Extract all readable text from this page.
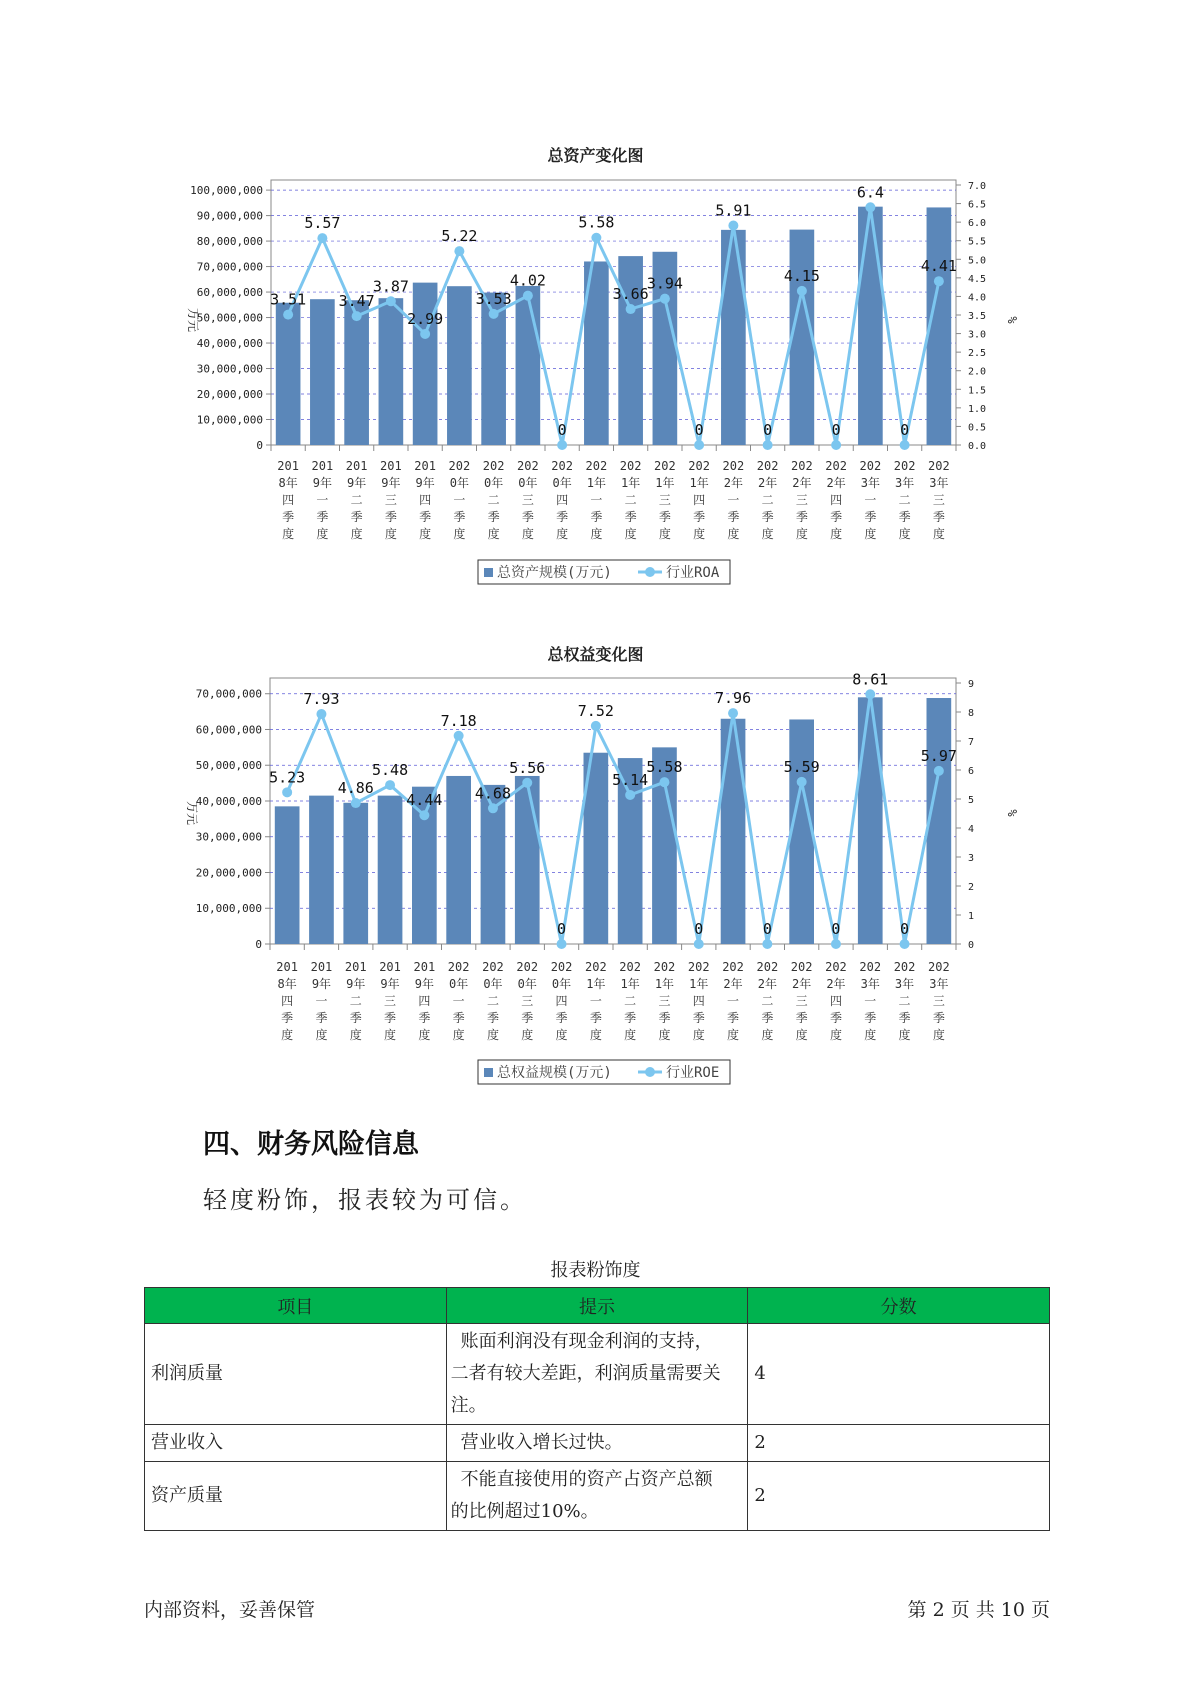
总资产变化图
0
10,000,000
20,000,000
30,000,000
40,000,000
50,000,000
60,000,000
70,000,000
80,000,000
90,000,000
100,000,000
0.0
0.5
1.0
1.5
2.0
2.5
3.0
3.5
4.0
4.5
5.0
5.5
6.0
6.5
7.0
万元	%
201 8年四季度
201 9年一季度
201 9年二季度
201 9年三季度
201 9年四季度
202 0年一季度
202 0年二季度
202 0年三季度
202 0年四季度
202 1年一季度
202 1年二季度
202 1年三季度
202 1年四季度
202 2年一季度
202 2年二季度
202 2年三季度
202 2年四季度
202 3年一季度
202 3年二季度
202 3年三季度
3.51
5.57
3.47
3.87
2.99
5.22
3.53
4.02
0
5.58
3.66
3.94
0
5.91
0
4.15
0
6.4
0
4.41
总资产规模(万元)	行业ROA
总权益变化图
0
10,000,000
20,000,000
30,000,000
40,000,000
50,000,000
60,000,000
70,000,000
0
1
2
3
4
5
6
7
8
9
万元	%
201 8年四季度
201 9年一季度
201 9年二季度
201 9年三季度
201 9年四季度
202 0年一季度
202 0年二季度
202 0年三季度
202 0年四季度
202 1年一季度
202 1年二季度
202 1年三季度
202 1年四季度
202 2年一季度
202 2年二季度
202 2年三季度
202 2年四季度
202 3年一季度
202 3年二季度
202 3年三季度
5.23
7.93
4.86
5.48
4.44
7.18
4.68
5.56
0
7.52
5.14
5.58
0
7.96
0
5.59
0
8.61
0
5.97
总权益规模(万元)	行业ROE
四、财务风险信息

轻度粉饰，报表较为可信。

报表粉饰度
项目	提示	分数
利润质量	账面利润没有现金利润的支持，
二者有较大差距，利润质量需要关
注。	4
营业收入	营业收入增长过快。	2
资产质量	不能直接使用的资产占资产总额
的比例超过10%。	2
内部资料，妥善保管	第 2 页 共 10 页
